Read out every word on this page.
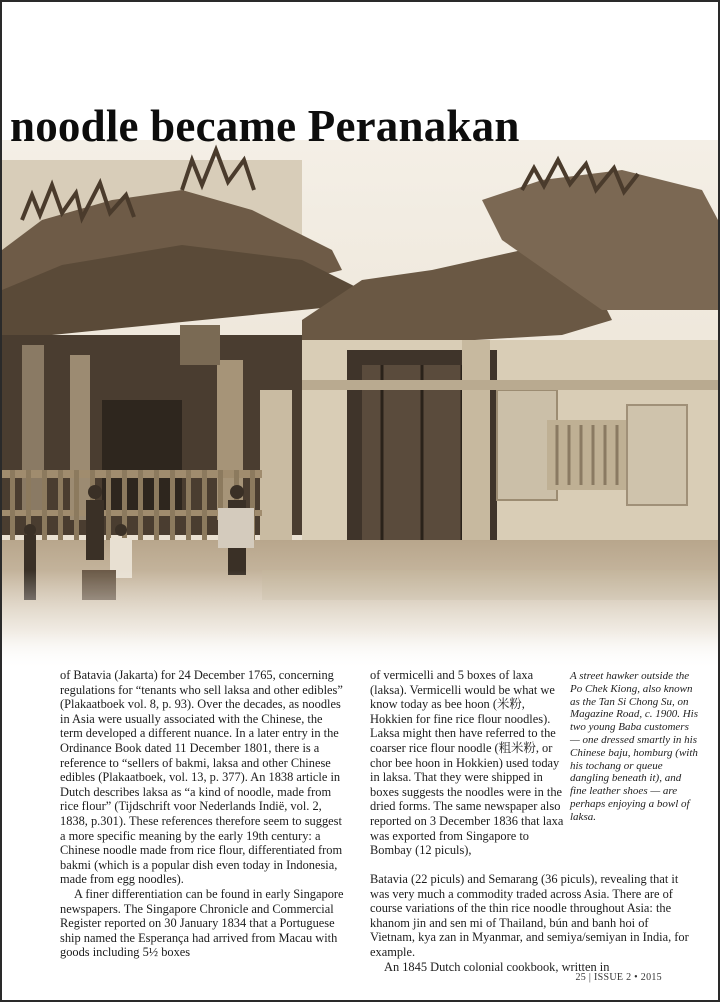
noodle became Peranakan

of Batavia (Jakarta) for 24 December 1765, concerning regulations for “tenants who sell laksa and other edibles” (Plakaatboek vol. 8, p. 93). Over the decades, as noodles in Asia were usually associated with the Chinese, the term developed a different nuance. In a later entry in the Ordinance Book dated 11 December 1801, there is a reference to “sellers of bakmi, laksa and other Chinese edibles (Plakaatboek, vol. 13, p. 377). An 1838 article in Dutch describes laksa as “a kind of noodle, made from rice flour” (Tijdschrift voor Nederlands Indië, vol. 2, 1838, p.301). These references therefore seem to suggest a more specific meaning by the early 19th century: a Chinese noodle made from rice flour, differentiated from bakmi (which is a popular dish even today in Indonesia, made from egg noodles).

A finer differentiation can be found in early Singapore newspapers. The Singapore Chronicle and Commercial Register reported on 30 January 1834 that a Portuguese ship named the Esperança had arrived from Macau with goods including 5½ boxes

of vermicelli and 5 boxes of laxa (laksa). Vermicelli would be what we know today as bee hoon (米粉, Hokkien for fine rice flour noodles). Laksa might then have referred to the coarser rice flour noodle (粗米粉, or chor bee hoon in Hokkien) used today in laksa. That they were shipped in boxes suggests the noodles were in the dried forms. The same newspaper also reported on 3 December 1836 that laxa was exported from Singapore to Bombay (12 piculs),

Batavia (22 piculs) and Semarang (36 piculs), revealing that it was very much a commodity traded across Asia. There are of course variations of the thin rice noodle throughout Asia: the khanom jin and sen mi of Thailand, bún and banh hoi of Vietnam, kya zan in Myanmar, and semiya/semiyan in India, for example.

An 1845 Dutch colonial cookbook, written in

A street hawker outside the Po Chek Kiong, also known as the Tan Si Chong Su, on Magazine Road, c. 1900. His two young Baba customers — one dressed smartly in his Chinese baju, homburg (with his tochang or queue dangling beneath it), and fine leather shoes — are perhaps enjoying a bowl of laksa.
25 | ISSUE 2 • 2015
